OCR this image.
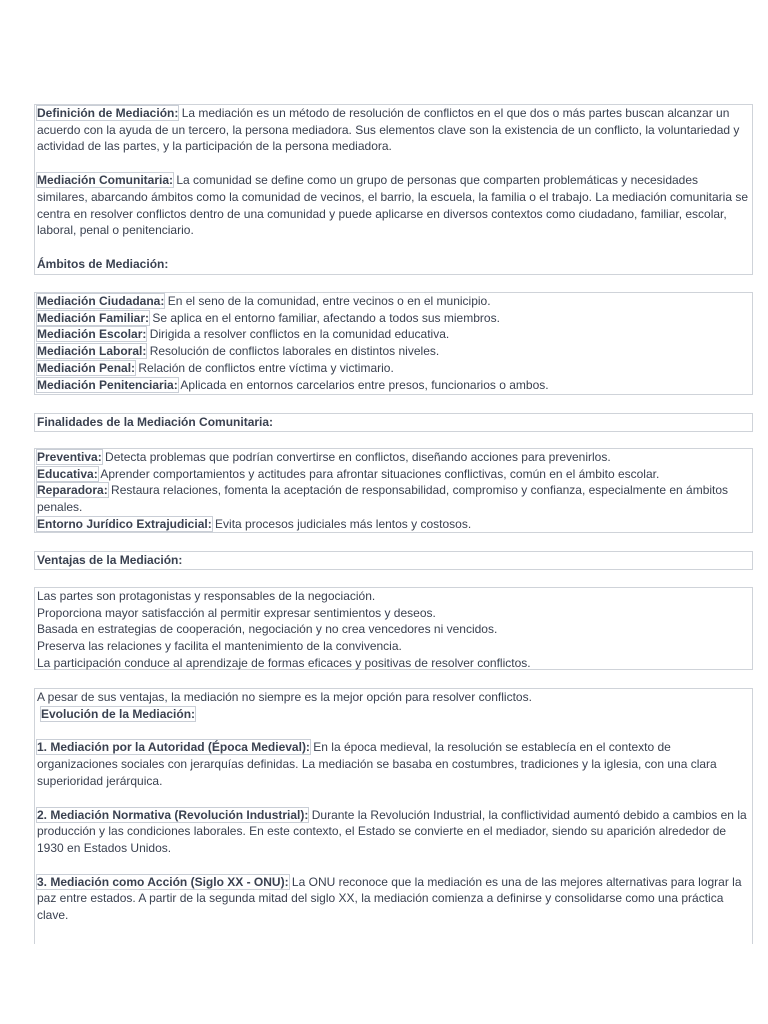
Definición de Mediación: La mediación es un método de resolución de conflictos en el que dos o más partes buscan alcanzar un acuerdo con la ayuda de un tercero, la persona mediadora. Sus elementos clave son la existencia de un conflicto, la voluntariedad y actividad de las partes, y la participación de la persona mediadora.

Mediación Comunitaria: La comunidad se define como un grupo de personas que comparten problemáticas y necesidades similares, abarcando ámbitos como la comunidad de vecinos, el barrio, la escuela, la familia o el trabajo. La mediación comunitaria se centra en resolver conflictos dentro de una comunidad y puede aplicarse en diversos contextos como ciudadano, familiar, escolar, laboral, penal o penitenciario.

Ámbitos de Mediación:

Mediación Ciudadana: En el seno de la comunidad, entre vecinos o en el municipio.

Mediación Familiar: Se aplica en el entorno familiar, afectando a todos sus miembros.

Mediación Escolar: Dirigida a resolver conflictos en la comunidad educativa.

Mediación Laboral: Resolución de conflictos laborales en distintos niveles.

Mediación Penal: Relación de conflictos entre víctima y victimario.

Mediación Penitenciaria: Aplicada en entornos carcelarios entre presos, funcionarios o ambos.

Finalidades de la Mediación Comunitaria:

Preventiva: Detecta problemas que podrían convertirse en conflictos, diseñando acciones para prevenirlos.

Educativa: Aprender comportamientos y actitudes para afrontar situaciones conflictivas, común en el ámbito escolar.

Reparadora: Restaura relaciones, fomenta la aceptación de responsabilidad, compromiso y confianza, especialmente en ámbitos penales.

Entorno Jurídico Extrajudicial: Evita procesos judiciales más lentos y costosos.

Ventajas de la Mediación:

Las partes son protagonistas y responsables de la negociación.

Proporciona mayor satisfacción al permitir expresar sentimientos y deseos.

Basada en estrategias de cooperación, negociación y no crea vencedores ni vencidos.

Preserva las relaciones y facilita el mantenimiento de la convivencia.

La participación conduce al aprendizaje de formas eficaces y positivas de resolver conflictos.

A pesar de sus ventajas, la mediación no siempre es la mejor opción para resolver conflictos.

Evolución de la Mediación:

1. Mediación por la Autoridad (Época Medieval): En la época medieval, la resolución se establecía en el contexto de organizaciones sociales con jerarquías definidas. La mediación se basaba en costumbres, tradiciones y la iglesia, con una clara superioridad jerárquica.

2. Mediación Normativa (Revolución Industrial): Durante la Revolución Industrial, la conflictividad aumentó debido a cambios en la producción y las condiciones laborales. En este contexto, el Estado se convierte en el mediador, siendo su aparición alrededor de 1930 en Estados Unidos.

3. Mediación como Acción (Siglo XX - ONU): La ONU reconoce que la mediación es una de las mejores alternativas para lograr la paz entre estados. A partir de la segunda mitad del siglo XX, la mediación comienza a definirse y consolidarse como una práctica clave.
